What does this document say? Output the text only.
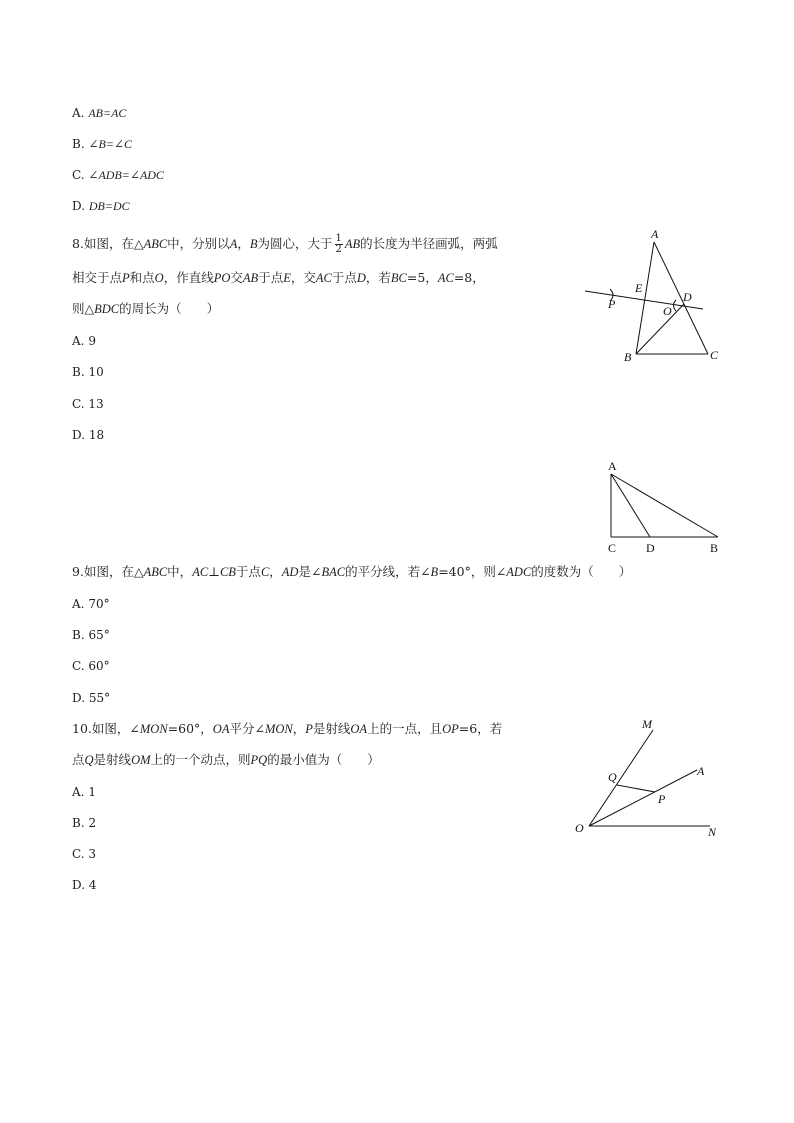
A. AB=AC
B. ∠B=∠C
C. ∠ADB=∠ADC
D. DB=DC
8.如图，在△ABC中，分别以A，B为圆心，大于 $\frac{1}{2}$ AB的长度为半径画弧，两弧
相交于点P和点O，作直线PO交AB于点E，交AC于点D，若BC=5，AC=8，
则△BDC的周长为（　　）
A. 9
B. 10
C. 13
D. 18
A
B	C
D
E
O
P
A
C D	B
9.如图，在△ABC中，AC⊥CB于点C，AD是∠BAC的平分线，若∠B=40°，则∠ADC的度数为（　　）
A. 70°
B. 65°
C. 60°
D. 55°
10.如图，∠MON=60°，OA平分∠MON，P是射线OA上的一点，且OP=6，若
点Q是射线OM上的一个动点，则PQ的最小值为（　　）
A. 1
B. 2
C. 3
D. 4
M
O	N
A
P
Q
